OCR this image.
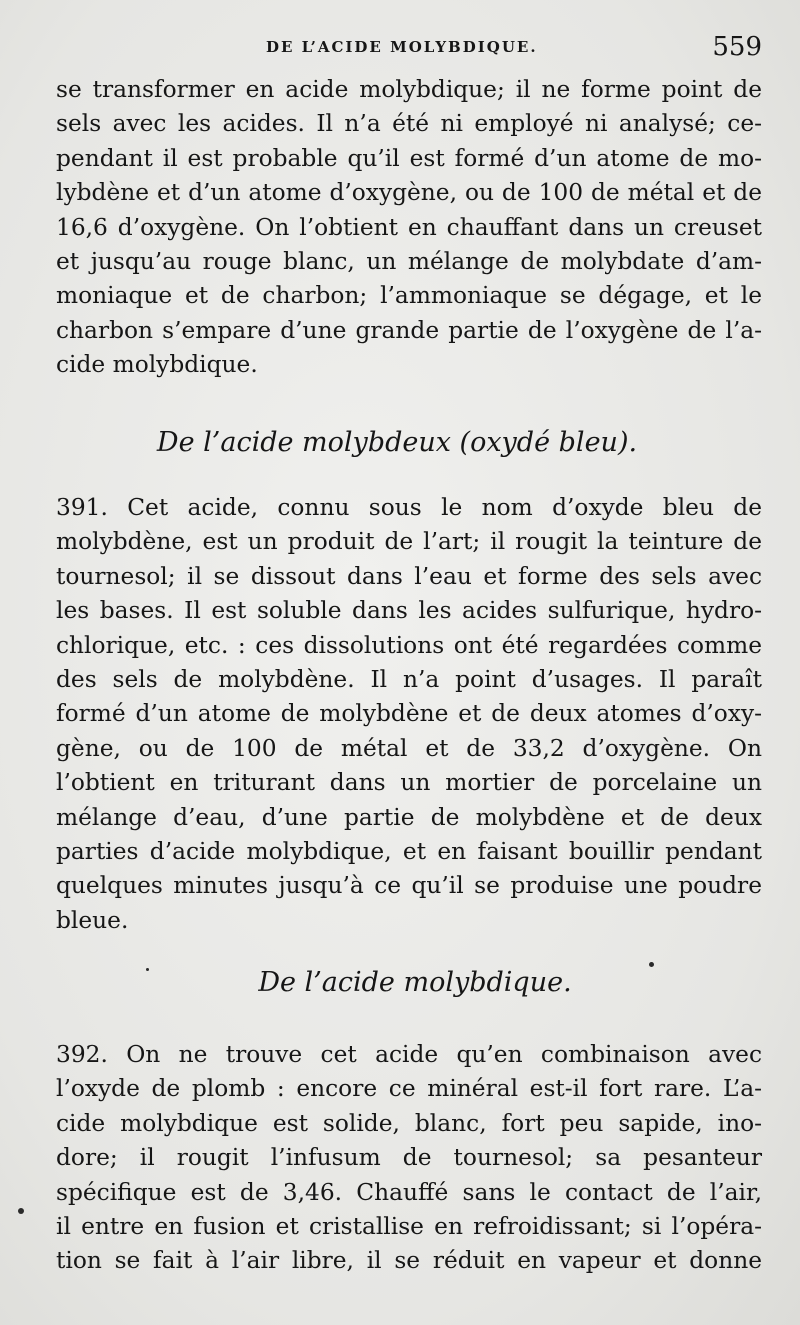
DE L’ACIDE MOLYBDIQUE.	559
se transformer en acide molybdique; il ne forme point de
sels avec les acides. Il n’a été ni employé ni analysé; ce-
pendant il est probable qu’il est formé d’un atome de mo-
lybdène et d’un atome d’oxygène, ou de 100 de métal et de
16,6 d’oxygène. On l’obtient en chauffant dans un creuset
et jusqu’au rouge blanc, un mélange de molybdate d’am-
moniaque et de charbon; l’ammoniaque se dégage, et le
charbon s’empare d’une grande partie de l’oxygène de l’a-
cide molybdique.
De l’acide molybdeux (oxydé bleu).
391. Cet acide, connu sous le nom d’oxyde bleu de
molybdène, est un produit de l’art; il rougit la teinture de
tournesol; il se dissout dans l’eau et forme des sels avec
les bases. Il est soluble dans les acides sulfurique, hydro-
chlorique, etc. : ces dissolutions ont été regardées comme
des sels de molybdène. Il n’a point d’usages. Il paraît
formé d’un atome de molybdène et de deux atomes d’oxy-
gène, ou de 100 de métal et de 33,2 d’oxygène. On
l’obtient en triturant dans un mortier de porcelaine un
mélange d’eau, d’une partie de molybdène et de deux
parties d’acide molybdique, et en faisant bouillir pendant
quelques minutes jusqu’à ce qu’il se produise une poudre
bleue.
De l’acide molybdique.
392. On ne trouve cet acide qu’en combinaison avec
l’oxyde de plomb : encore ce minéral est-il fort rare. L’a-
cide molybdique est solide, blanc, fort peu sapide, ino-
dore; il rougit l’infusum de tournesol; sa pesanteur
spécifique est de 3,46. Chauffé sans le contact de l’air,
il entre en fusion et cristallise en refroidissant; si l’opéra-
tion se fait à l’air libre, il se réduit en vapeur et donne
